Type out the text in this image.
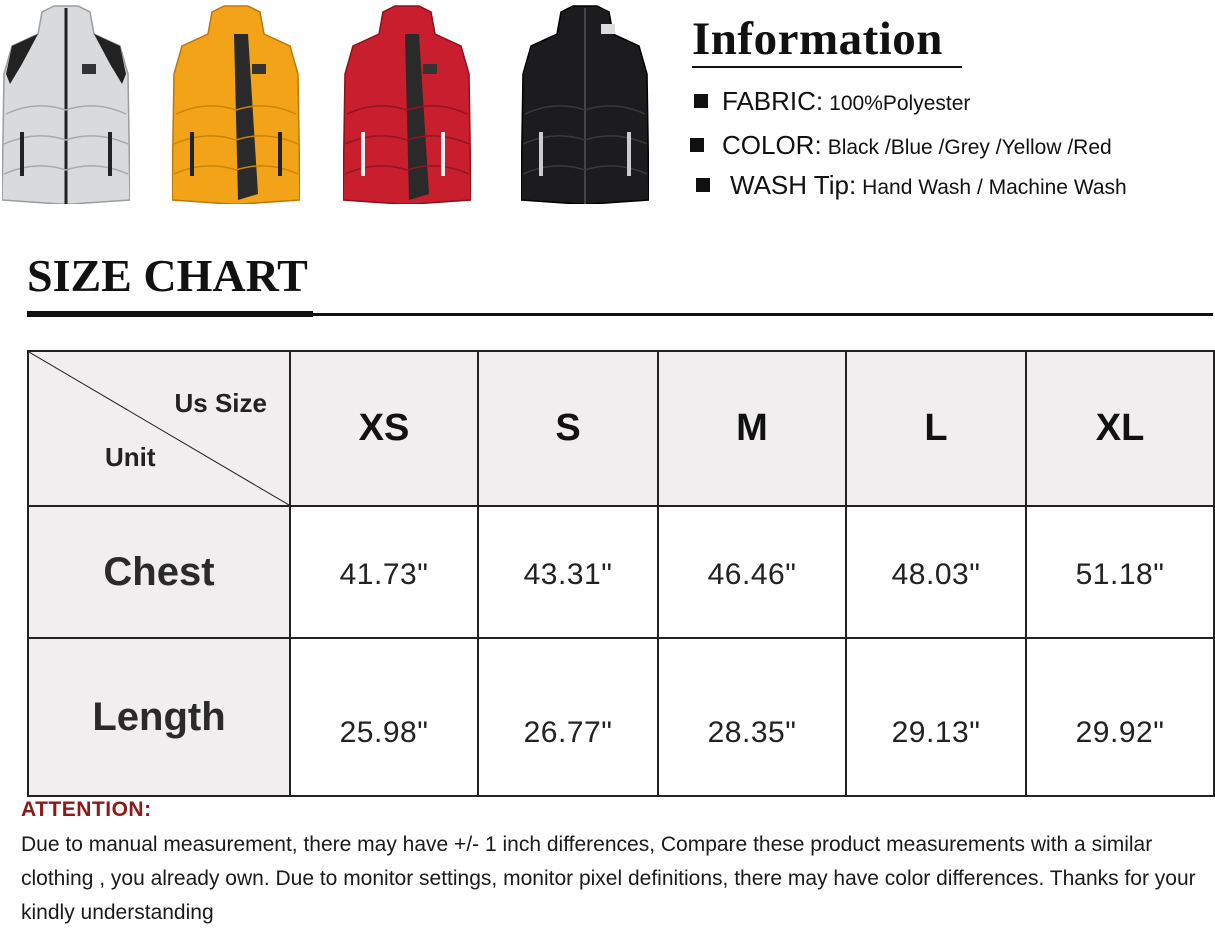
Information
FABRIC: 100%Polyester
COLOR: Black /Blue /Grey /Yellow /Red
WASH Tip: Hand Wash / Machine Wash
SIZE CHART
Us Size
Unit	XS	S	M	L	XL
Chest	41.73"	43.31"	46.46"	48.03"	51.18"
Length	25.98"	26.77"	28.35"	29.13"	29.92"
ATTENTION:
Due to manual measurement, there may have +/- 1 inch differences, Compare these product measurements with a similar clothing , you already own. Due to monitor settings, monitor pixel definitions, there may have color differences. Thanks for your kindly understanding
